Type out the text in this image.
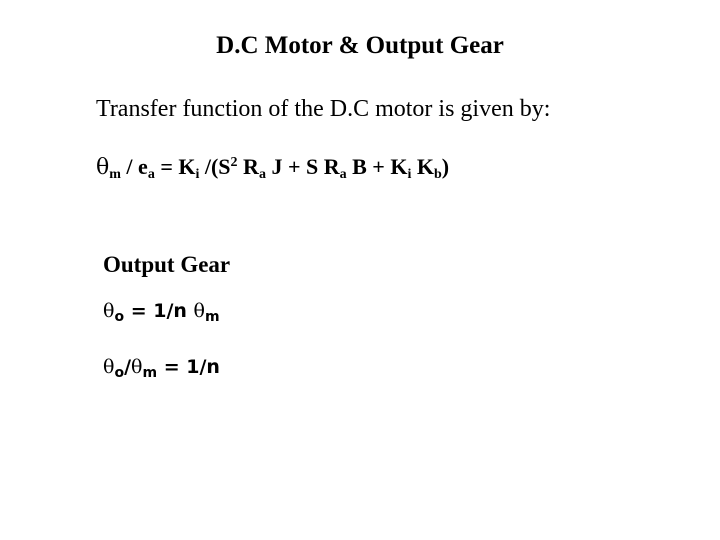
D.C Motor & Output Gear
Transfer function of the D.C motor is given by:
$\theta_m / e_a = K_i$ $/(S^2$ $R_a$ J + S $R_a$ $B + K_i$ $K_b$)
Output Gear
$\theta_o = 1/n$ $\theta_m$
$\theta_o/\theta_m = 1/n$
